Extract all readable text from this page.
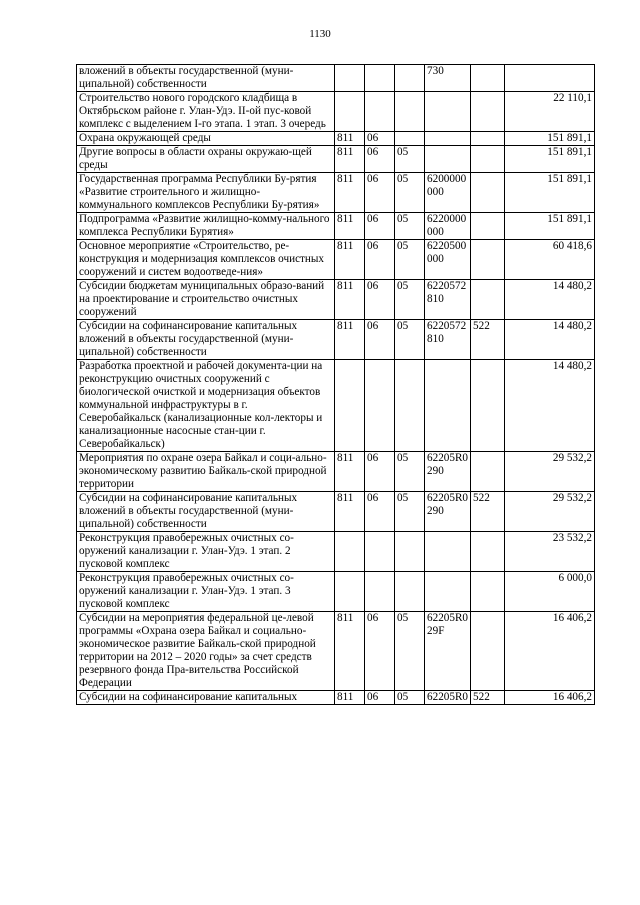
1130
вложений в объекты государственной (муни-ципальной) собственности				730		
Строительство нового городского кладбища в Октябрьском районе г. Улан-Удэ. II-ой пус-ковой комплекс с выделением I-го этапа. 1 этап. 3 очередь						22 110,1
Охрана окружающей среды	811	06				151 891,1
Другие вопросы в области охраны окружаю-щей среды	811	06	05			151 891,1
Государственная программа Республики Бу-рятия «Развитие строительного и жилищно-коммунального комплексов Республики Бу-рятия»	811	06	05	6200000 000		151 891,1
Подпрограмма «Развитие жилищно-комму-нального комплекса Республики Бурятия»	811	06	05	6220000 000		151 891,1
Основное мероприятие «Строительство, ре-конструкция и модернизация комплексов очистных сооружений и систем водоотведе-ния»	811	06	05	6220500 000		60 418,6
Субсидии бюджетам муниципальных образо-ваний на проектирование и строительство очистных сооружений	811	06	05	6220572 810		14 480,2
Субсидии на софинансирование капитальных вложений в объекты государственной (муни-ципальной) собственности	811	06	05	6220572 810	522	14 480,2
Разработка проектной и рабочей документа-ции на реконструкцию очистных сооружений с биологической очисткой и модернизация объектов коммунальной инфраструктуры в г. Северобайкальск (канализационные кол-лекторы и канализационные насосные стан-ции г. Северобайкальск)						14 480,2
Мероприятия по охране озера Байкал и соци-ально-экономическому развитию Байкаль-ской природной территории	811	06	05	62205R0 290		29 532,2
Субсидии на софинансирование капитальных вложений в объекты государственной (муни-ципальной) собственности	811	06	05	62205R0 290	522	29 532,2
Реконструкция правобережных очистных со-оружений канализации г. Улан-Удэ. 1 этап. 2 пусковой комплекс						23 532,2
Реконструкция правобережных очистных со-оружений канализации г. Улан-Удэ. 1 этап. 3 пусковой комплекс						6 000,0
Субсидии на мероприятия федеральной це-левой программы «Охрана озера Байкал и социально-экономическое развитие Байкаль-ской природной территории на 2012 – 2020 годы» за счет средств резервного фонда Пра-вительства Российской Федерации	811	06	05	62205R0 29F		16 406,2
Субсидии на софинансирование капитальных	811	06	05	62205R0	522	16 406,2
